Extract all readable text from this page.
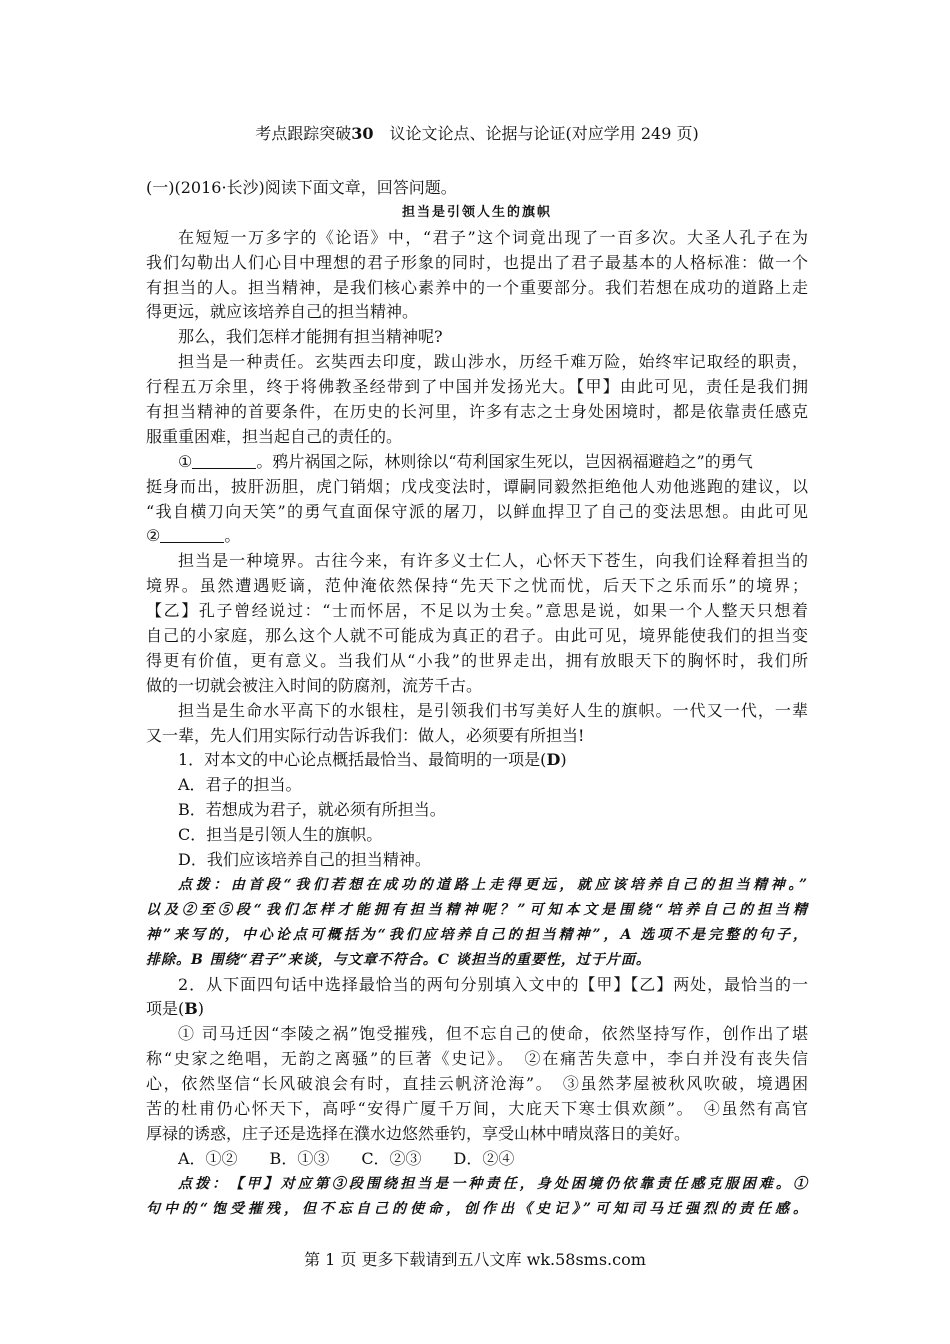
考点跟踪突破30　 议论文论点、论据与论证(对应学用 249 页)
(一)(2016·长沙)阅读下面文章，回答问题。
担当是引领人生的旗帜
在短短一万多字的《论语》中，“君子”这个词竟出现了一百多次。大圣人孔子在为
我们勾勒出人们心目中理想的君子形象的同时，也提出了君子最基本的人格标准：做一个
有担当的人。担当精神，是我们核心素养中的一个重要部分。我们若想在成功的道路上走
得更远，就应该培养自己的担当精神。
那么，我们怎样才能拥有担当精神呢?
担当是一种责任。玄奘西去印度，跋山涉水，历经千难万险，始终牢记取经的职责，
行程五万余里，终于将佛教圣经带到了中国并发扬光大。【甲】由此可见，责任是我们拥
有担当精神的首要条件，在历史的长河里，许多有志之士身处困境时，都是依靠责任感克
服重重困难，担当起自己的责任的。
①	。鸦片祸国之际，林则徐以“苟利国家生死以，岂因祸福避趋之”的勇气
挺身而出，披肝沥胆，虎门销烟；戊戌变法时，谭嗣同毅然拒绝他人劝他逃跑的建议，以
“我自横刀向天笑”的勇气直面保守派的屠刀，以鲜血捍卫了自己的变法思想。由此可见
②	。
担当是一种境界。古往今来，有许多义士仁人，心怀天下苍生，向我们诠释着担当的
境界。虽然遭遇贬谪，范仲淹依然保持“先天下之忧而忧，后天下之乐而乐”的境界；
【乙】孔子曾经说过：“士而怀居，不足以为士矣。”意思是说，如果一个人整天只想着
自己的小家庭，那么这个人就不可能成为真正的君子。由此可见，境界能使我们的担当变
得更有价值，更有意义。当我们从“小我”的世界走出，拥有放眼天下的胸怀时，我们所
做的一切就会被注入时间的防腐剂，流芳千古。
担当是生命水平高下的水银柱，是引领我们书写美好人生的旗帜。一代又一代，一辈
又一辈，先人们用实际行动告诉我们：做人，必须要有所担当!
1．对本文的中心论点概括最恰当、最简明的一项是(D)
A．君子的担当。
B．若想成为君子，就必须有所担当。
C．担当是引领人生的旗帜。
D．我们应该培养自己的担当精神。
点拨：由首段“我们若想在成功的道路上走得更远，就应该培养自己的担当精神。”
以及②至⑤段“我们怎样才能拥有担当精神呢？”可知本文是围绕“培养自己的担当精
神”来写的，中心论点可概括为“我们应培养自己的担当精神”，A 选项不是完整的句子，
排除。B 围绕“君子”来谈，与文章不符合。C 谈担当的重要性，过于片面。
2．从下面四句话中选择最恰当的两句分别填入文中的【甲】【乙】两处，最恰当的一
项是(B)
① 司马迁因“李陵之祸”饱受摧残，但不忘自己的使命，依然坚持写作，创作出了堪
称“史家之绝唱，无韵之离骚”的巨著《史记》。　②在痛苦失意中，李白并没有丧失信
心，依然坚信“长风破浪会有时，直挂云帆济沧海”。　③虽然茅屋被秋风吹破，境遇困
苦的杜甫仍心怀天下，高呼“安得广厦千万间，大庇天下寒士俱欢颜”。　④虽然有高官
厚禄的诱惑，庄子还是选择在濮水边悠然垂钓，享受山林中晴岚落日的美好。
A．①②　　B．①③　　C．②③　　D．②④
点拨：【甲】对应第③段围绕担当是一种责任，身处困境仍依靠责任感克服困难。①
句中的“饱受摧残，但不忘自己的使命，创作出《史记》”可知司马迁强烈的责任感。
第 1 页 更多下载请到五八文库 wk.58sms.com
